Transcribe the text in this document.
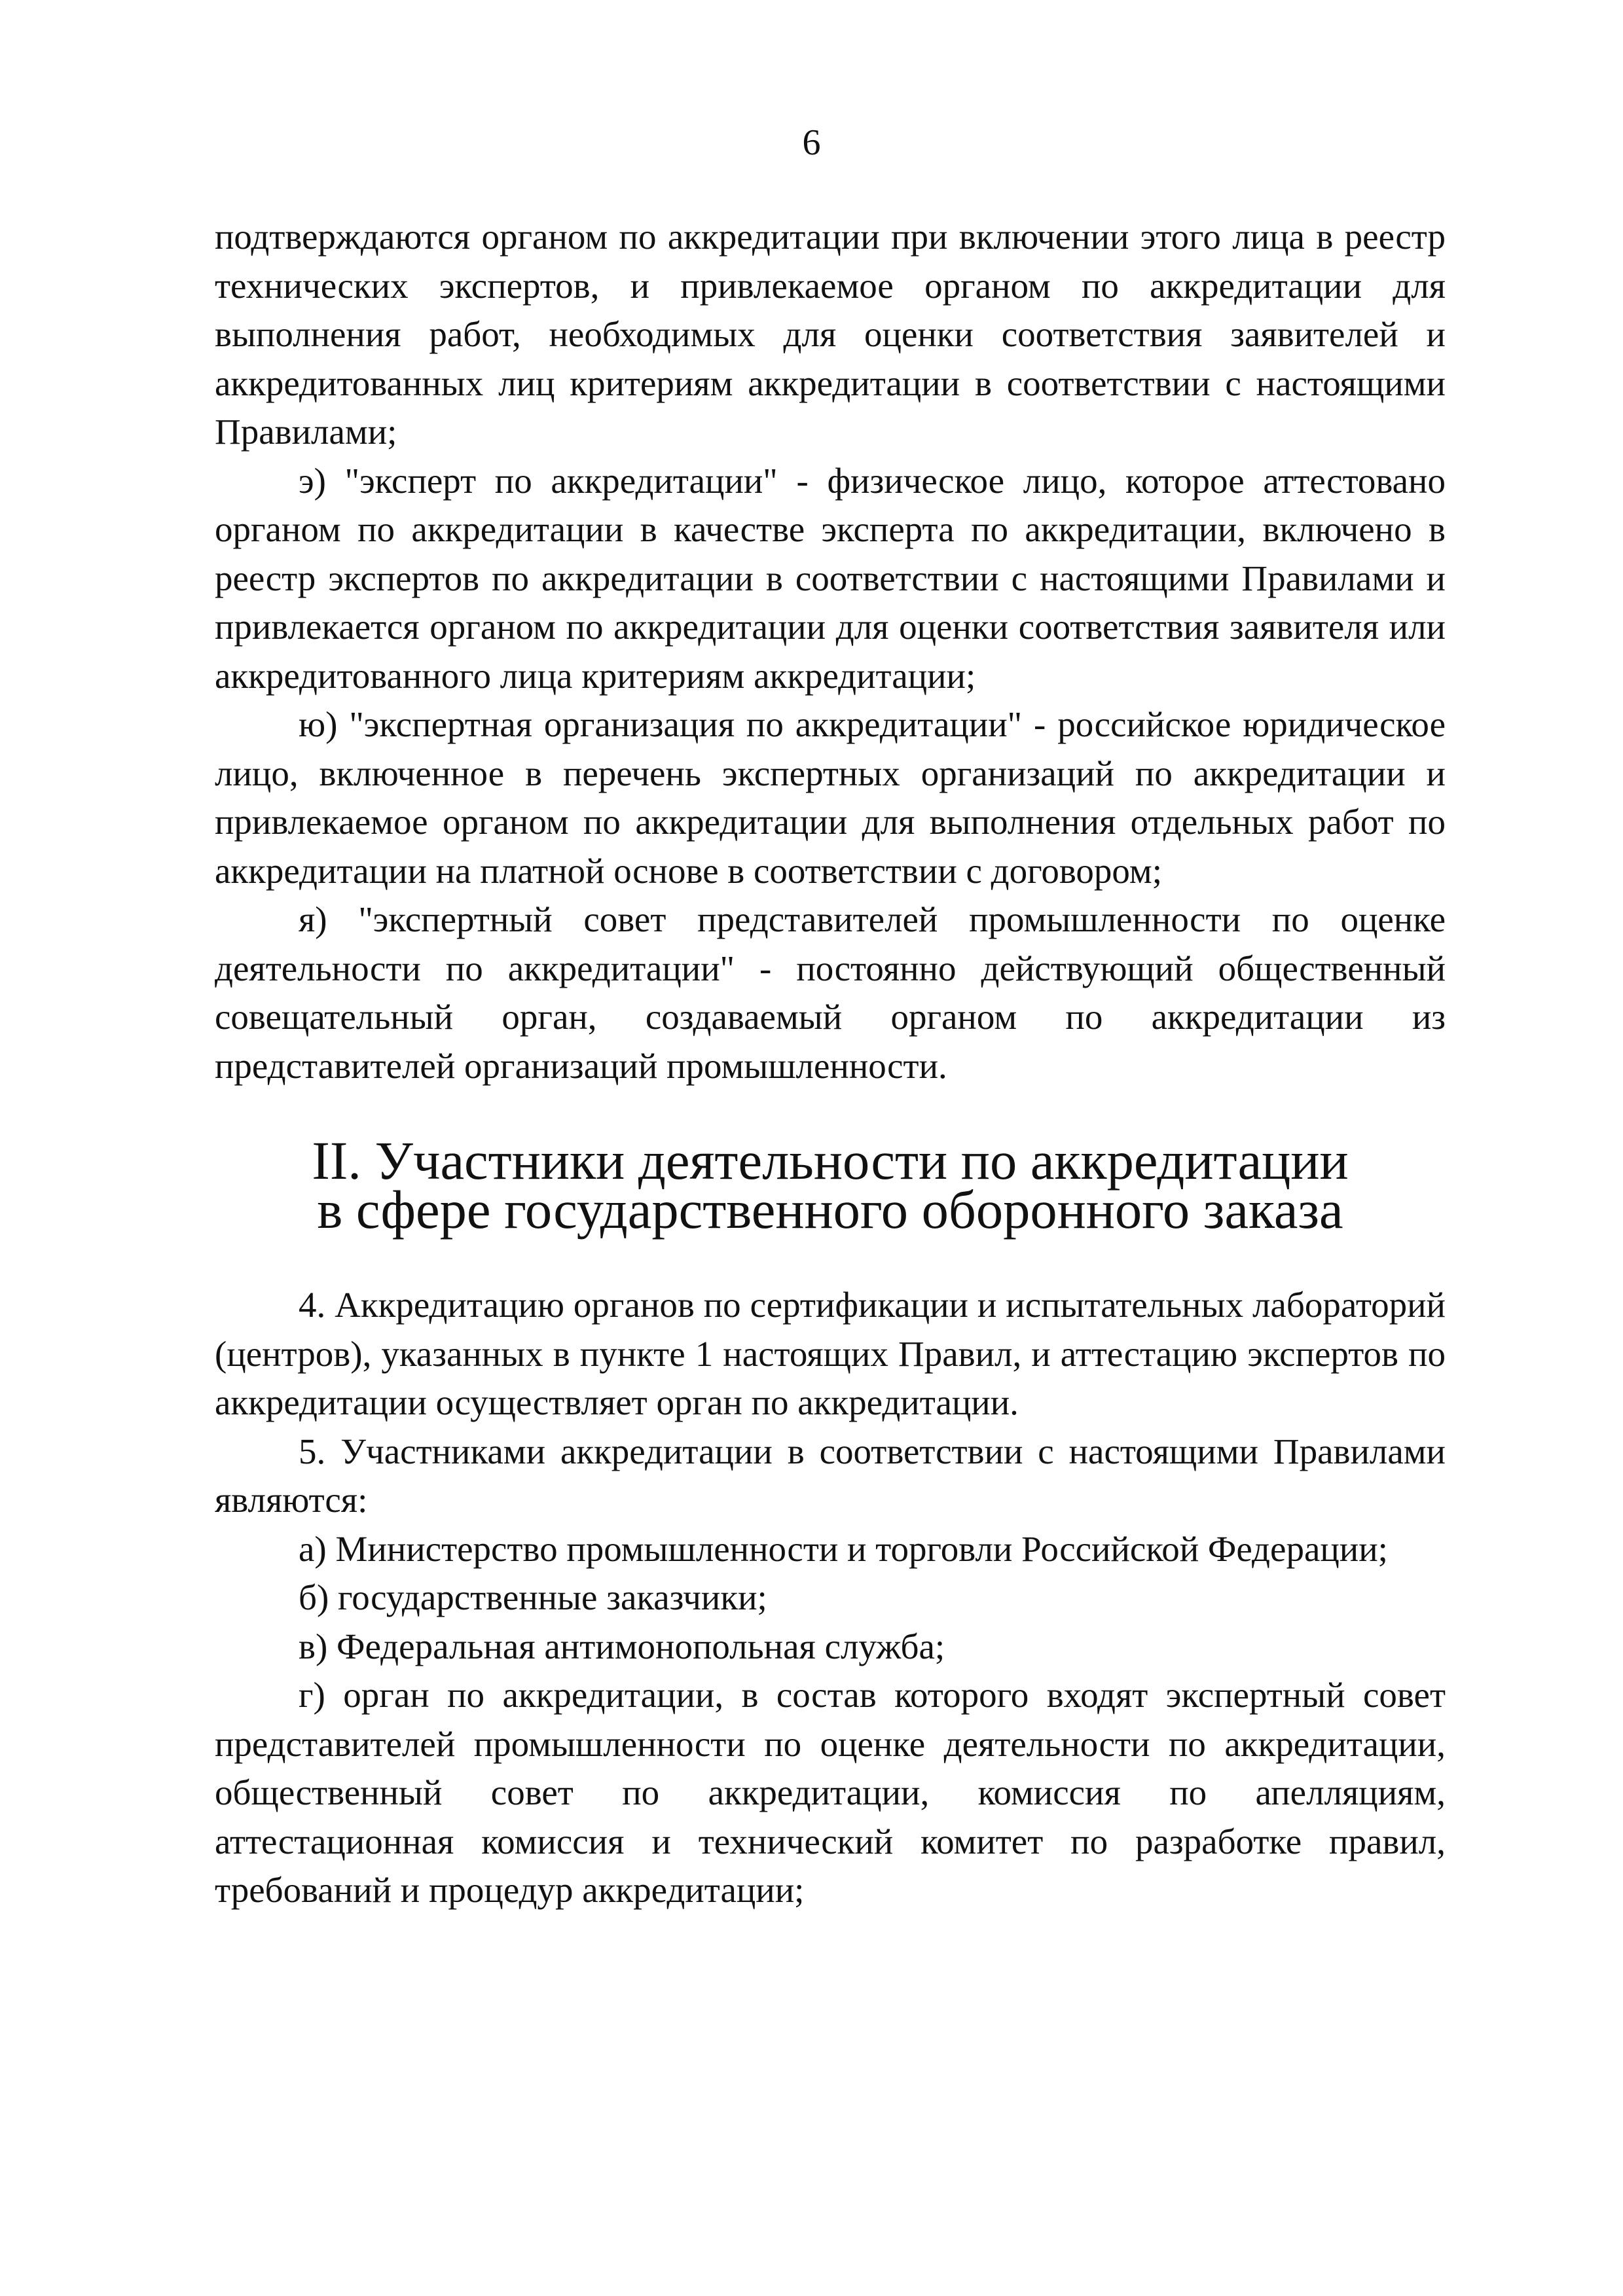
6

подтверждаются органом по аккредитации при включении этого лица в реестр технических экспертов, и привлекаемое органом по аккредитации для выполнения работ, необходимых для оценки соответствия заявителей и аккредитованных лиц критериям аккредитации в соответствии с настоящими Правилами;

э) "эксперт по аккредитации" - физическое лицо, которое аттестовано органом по аккредитации в качестве эксперта по аккредитации, включено в реестр экспертов по аккредитации в соответствии с настоящими Правилами и привлекается органом по аккредитации для оценки соответствия заявителя или аккредитованного лица критериям аккредитации;

ю) "экспертная организация по аккредитации" - российское юридическое лицо, включенное в перечень экспертных организаций по аккредитации и привлекаемое органом по аккредитации для выполнения отдельных работ по аккредитации на платной основе в соответствии с договором;

я) "экспертный совет представителей промышленности по оценке деятельности по аккредитации" - постоянно действующий общественный совещательный орган, создаваемый органом по аккредитации из представителей организаций промышленности.

II. Участники деятельности по аккредитации
в сфере государственного оборонного заказа

4. Аккредитацию органов по сертификации и испытательных лабораторий (центров), указанных в пункте 1 настоящих Правил, и аттестацию экспертов по аккредитации осуществляет орган по аккредитации.

5. Участниками аккредитации в соответствии с настоящими Правилами являются:

а) Министерство промышленности и торговли Российской Федерации;

б) государственные заказчики;

в) Федеральная антимонопольная служба;

г) орган по аккредитации, в состав которого входят экспертный совет представителей промышленности по оценке деятельности по аккредитации, общественный совет по аккредитации, комиссия по апелляциям, аттестационная комиссия и технический комитет по разработке правил, требований и процедур аккредитации;
